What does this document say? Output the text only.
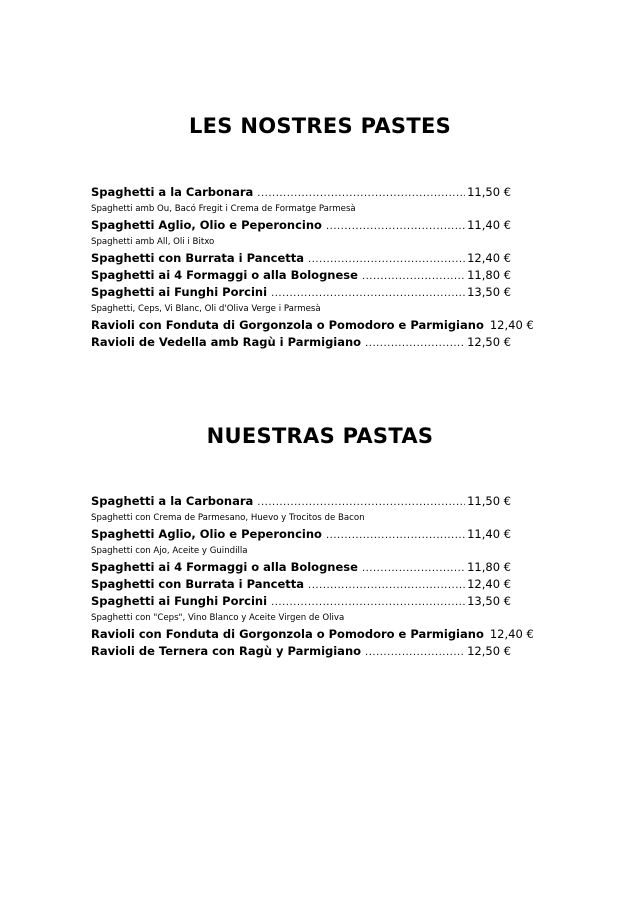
LES NOSTRES PASTES
Spaghetti a la Carbonara .....	11,50 €
Spaghetti amb Ou, Bacó Fregit i Crema de Formatge Parmesà
Spaghetti Aglio, Olio e Peperoncino .....	11,40 €
Spaghetti amb All, Oli i Bitxo
Spaghetti con Burrata i Pancetta .....	12,40 €
Spaghetti ai 4 Formaggi o alla Bolognese .....	11,80 €
Spaghetti ai Funghi Porcini .....	13,50 €
Spaghetti, Ceps, Vi Blanc, Oli d'Oliva Verge i Parmesà
Ravioli con Fonduta di Gorgonzola o Pomodoro e Parmigiano 12,40 €
Ravioli de Vedella amb Ragù i Parmigiano .....	12,50 €
NUESTRAS PASTAS
Spaghetti a la Carbonara .....	11,50 €
Spaghetti con Crema de Parmesano, Huevo y Trocitos de Bacon
Spaghetti Aglio, Olio e Peperoncino .....	11,40 €
Spaghetti con Ajo, Aceite y Guindilla
Spaghetti ai 4 Formaggi o alla Bolognese .....	11,80 €
Spaghetti con Burrata i Pancetta .....	12,40 €
Spaghetti ai Funghi Porcini .....	13,50 €
Spaghetti con "Ceps", Vino Blanco y Aceite Virgen de Oliva
Ravioli con Fonduta di Gorgonzola o Pomodoro e Parmigiano 12,40 €
Ravioli de Ternera con Ragù y Parmigiano .....	12,50 €
